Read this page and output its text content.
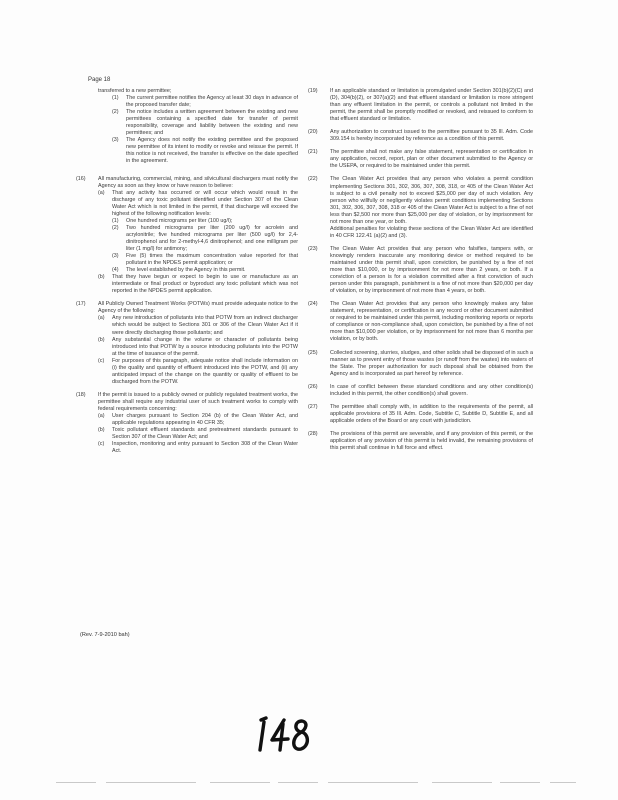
Page 18
transferred to a new permittee;
(1) The current permittee notifies the Agency at least 30 days in advance of the proposed transfer date;
(2) The notice includes a written agreement between the existing and new permittees containing a specified date for transfer of permit responsibility, coverage and liability between the existing and new permittees; and
(3) The Agency does not notify the existing permittee and the proposed new permittee of its intent to modify or revoke and reissue the permit. If this notice is not received, the transfer is effective on the date specified in the agreement.
(16) All manufacturing, commercial, mining, and silvicultural dischargers must notify the Agency as soon as they know or have reason to believe:
(a) That any activity has occurred or will occur which would result in the discharge of any toxic pollutant identified under Section 307 of the Clean Water Act which is not limited in the permit, if that discharge will exceed the highest of the following notification levels:
(1) One hundred micrograms per liter (100 ug/l);
(2) Two hundred micrograms per liter (200 ug/l) for acrolein and acrylonitrile; five hundred micrograms per liter (500 ug/l) for 2,4-dinitrophenol and for 2-methyl-4,6 dinitrophenol; and one milligram per liter (1 mg/l) for antimony;
(3) Five (5) times the maximum concentration value reported for that pollutant in the NPDES permit application; or
(4) The level established by the Agency in this permit.
(b) That they have begun or expect to begin to use or manufacture as an intermediate or final product or byproduct any toxic pollutant which was not reported in the NPDES permit application.
(17) All Publicly Owned Treatment Works (POTWs) must provide adequate notice to the Agency of the following:
(a) Any new introduction of pollutants into that POTW from an indirect discharger which would be subject to Sections 301 or 306 of the Clean Water Act if it were directly discharging those pollutants; and
(b) Any substantial change in the volume or character of pollutants being introduced into that POTW by a source introducing pollutants into the POTW at the time of issuance of the permit.
(c) For purposes of this paragraph, adequate notice shall include information on (i) the quality and quantity of effluent introduced into the POTW, and (ii) any anticipated impact of the change on the quantity or quality of effluent to be discharged from the POTW.
(18) If the permit is issued to a publicly owned or publicly regulated treatment works, the permittee shall require any industrial user of such treatment works to comply with federal requirements concerning:
(a) User charges pursuant to Section 204 (b) of the Clean Water Act, and applicable regulations appearing in 40 CFR 35;
(b) Toxic pollutant effluent standards and pretreatment standards pursuant to Section 307 of the Clean Water Act; and
(c) Inspection, monitoring and entry pursuant to Section 308 of the Clean Water Act.
(Rev. 7-9-2010 bah)
(19) If an applicable standard or limitation is promulgated under Section 301(b)(2)(C) and (D), 304(b)(2), or 307(a)(2) and that effluent standard or limitation is more stringent than any effluent limitation in the permit, or controls a pollutant not limited in the permit, the permit shall be promptly modified or revoked, and reissued to conform to that effluent standard or limitation.
(20) Any authorization to construct issued to the permittee pursuant to 35 Ill. Adm. Code 309.154 is hereby incorporated by reference as a condition of this permit.
(21) The permittee shall not make any false statement, representation or certification in any application, record, report, plan or other document submitted to the Agency or the USEPA, or required to be maintained under this permit.
(22) The Clean Water Act provides that any person who violates a permit condition implementing Sections 301, 302, 306, 307, 308, 318, or 405 of the Clean Water Act is subject to a civil penalty not to exceed $25,000 per day of such violation. Any person who willfully or negligently violates permit conditions implementing Sections 301, 302, 306, 307, 308, 318 or 405 of the Clean Water Act is subject to a fine of not less than $2,500 nor more than $25,000 per day of violation, or by imprisonment for not more than one year, or both.
Additional penalties for violating these sections of the Clean Water Act are identified in 40 CFR 122.41 (a)(2) and (3).
(23) The Clean Water Act provides that any person who falsifies, tampers with, or knowingly renders inaccurate any monitoring device or method required to be maintained under this permit shall, upon conviction, be punished by a fine of not more than $10,000, or by imprisonment for not more than 2 years, or both. If a conviction of a person is for a violation committed after a first conviction of such person under this paragraph, punishment is a fine of not more than $20,000 per day of violation, or by imprisonment of not more than 4 years, or both.
(24) The Clean Water Act provides that any person who knowingly makes any false statement, representation, or certification in any record or other document submitted or required to be maintained under this permit, including monitoring reports or reports of compliance or non-compliance shall, upon conviction, be punished by a fine of not more than $10,000 per violation, or by imprisonment for not more than 6 months per violation, or by both.
(25) Collected screening, slurries, sludges, and other solids shall be disposed of in such a manner as to prevent entry of those wastes (or runoff from the wastes) into waters of the State. The proper authorization for such disposal shall be obtained from the Agency and is incorporated as part hereof by reference.
(26) In case of conflict between these standard conditions and any other condition(s) included in this permit, the other condition(s) shall govern.
(27) The permittee shall comply with, in addition to the requirements of the permit, all applicable provisions of 35 Ill. Adm. Code, Subtitle C, Subtitle D, Subtitle E, and all applicable orders of the Board or any court with jurisdiction.
(28) The provisions of this permit are severable, and if any provision of this permit, or the application of any provision of this permit is held invalid, the remaining provisions of this permit shall continue in full force and effect.
